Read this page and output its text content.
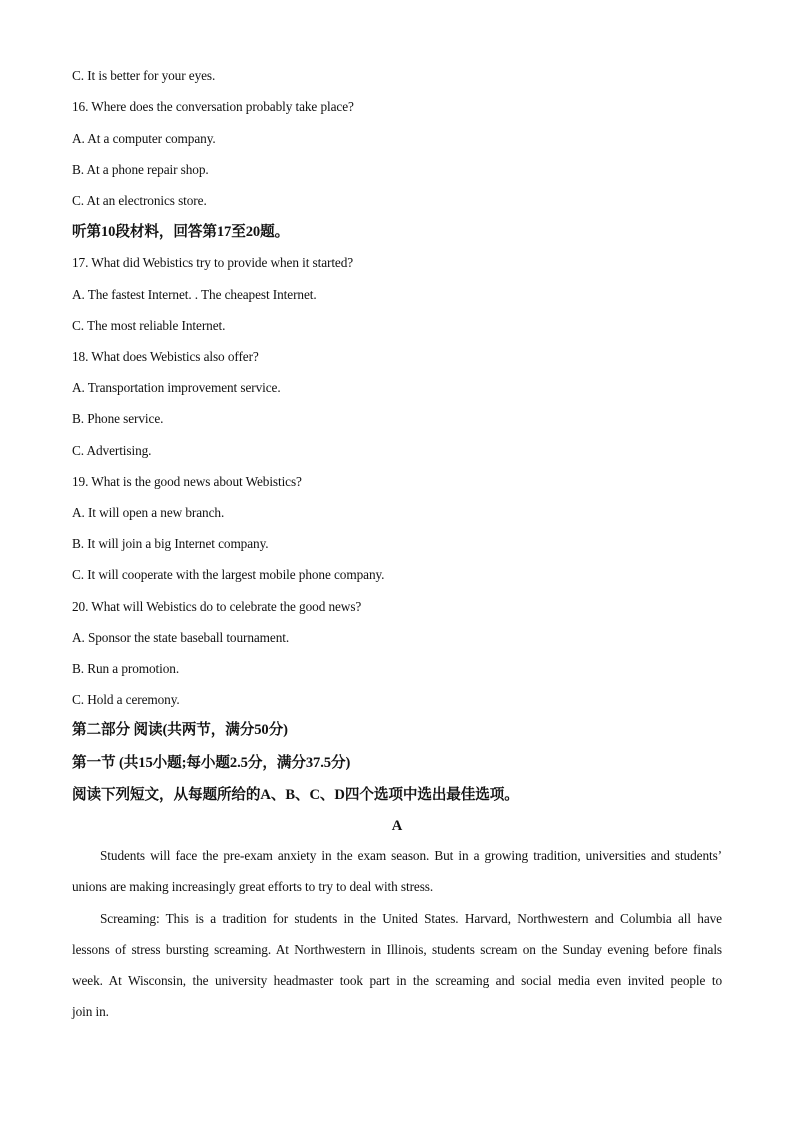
C. It is better for your eyes.
16. Where does the conversation probably take place?
A. At a computer company.
B. At a phone repair shop.
C. At an electronics store.
听第10段材料，回答第17至20题。
17. What did Webistics try to provide when it started?
A. The fastest Internet. . The cheapest Internet.
C. The most reliable Internet.
18. What does Webistics also offer?
A. Transportation improvement service.
B. Phone service.
C. Advertising.
19. What is the good news about Webistics?
A. It will open a new branch.
B. It will join a big Internet company.
C. It will cooperate with the largest mobile phone company.
20. What will Webistics do to celebrate the good news?
A. Sponsor the state baseball tournament.
B. Run a promotion.
C. Hold a ceremony.
第二部分 阅读(共两节，满分50分)
第一节 (共15小题;每小题2.5分，满分37.5分)
阅读下列短文，从每题所给的A、B、C、D四个选项中选出最佳选项。
A
Students will face the pre-exam anxiety in the exam season. But in a growing tradition, universities and students’
unions are making increasingly great efforts to try to deal with stress.
Screaming: This is a tradition for students in the United States. Harvard, Northwestern and Columbia all have
lessons of stress bursting screaming. At Northwestern in Illinois, students scream on the Sunday evening before finals
week. At Wisconsin, the university headmaster took part in the screaming and social media even invited people to
join in.
